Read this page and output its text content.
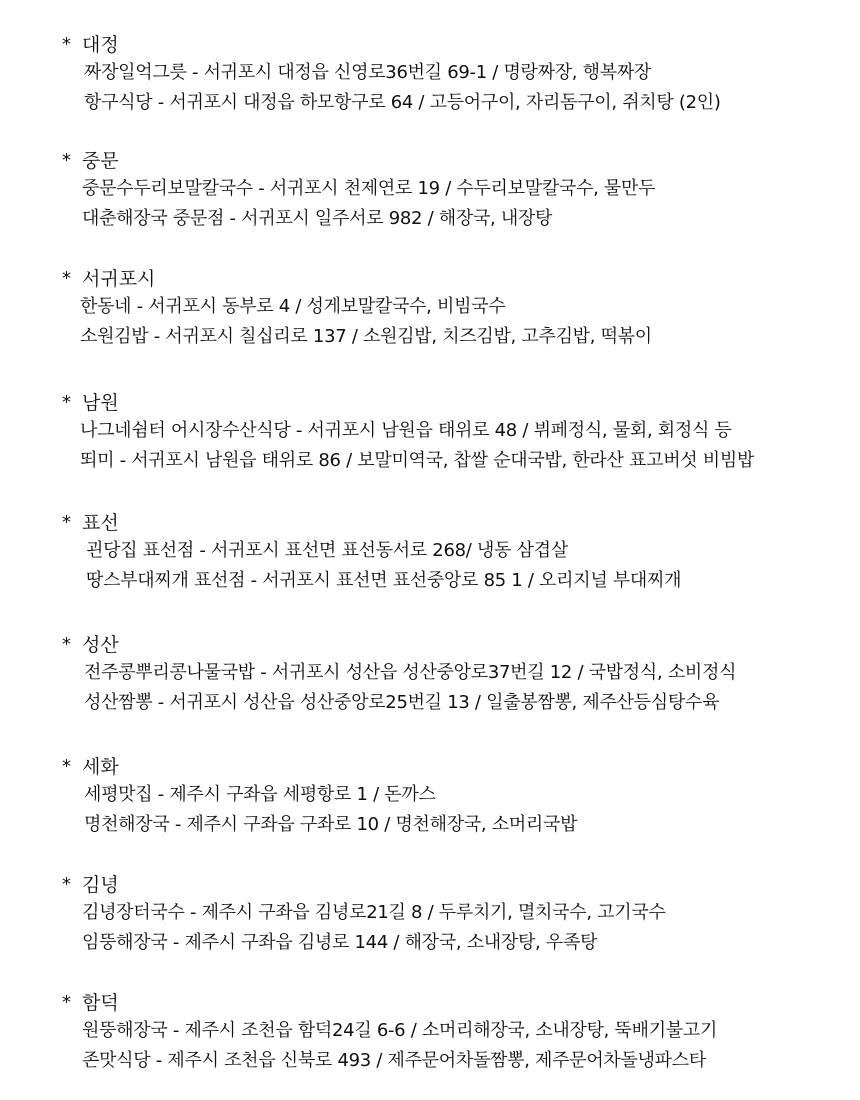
* 대정
짜장일억그릇 - 서귀포시 대정읍 신영로36번길 69-1 / 명랑짜장, 행복짜장
항구식당 - 서귀포시 대정읍 하모항구로 64 / 고등어구이, 자리돔구이, 쥐치탕 (2인)
* 중문
중문수두리보말칼국수 - 서귀포시 천제연로 19 / 수두리보말칼국수, 물만두
대춘해장국 중문점 - 서귀포시 일주서로 982 / 해장국, 내장탕
* 서귀포시
한동네 - 서귀포시 동부로 4 / 성게보말칼국수, 비빔국수
소원김밥 - 서귀포시 칠십리로 137 / 소원김밥, 치즈김밥, 고추김밥, 떡볶이
* 남원
나그네쉼터 어시장수산식당 - 서귀포시 남원읍 태위로 48 / 뷔페정식, 물회, 회정식 등
뙤미 - 서귀포시 남원읍 태위로 86 / 보말미역국, 찹쌀 순대국밥, 한라산 표고버섯 비빔밥
* 표선
괸당집 표선점 - 서귀포시 표선면 표선동서로 268/ 냉동 삼겹살
땅스부대찌개 표선점 - 서귀포시 표선면 표선중앙로 85 1 / 오리지널 부대찌개
* 성산
전주콩뿌리콩나물국밥 - 서귀포시 성산읍 성산중앙로37번길 12 / 국밥정식, 소비정식
성산짬뽕 - 서귀포시 성산읍 성산중앙로25번길 13 / 일출봉짬뽕, 제주산등심탕수육
* 세화
세평맛집 - 제주시 구좌읍 세평항로 1 / 돈까스
명천해장국 - 제주시 구좌읍 구좌로 10 / 명천해장국, 소머리국밥
* 김녕
김녕장터국수 - 제주시 구좌읍 김녕로21길 8 / 두루치기, 멸치국수, 고기국수
임뚱해장국 - 제주시 구좌읍 김녕로 144 / 해장국, 소내장탕, 우족탕
* 함덕
원뚱해장국 - 제주시 조천읍 함덕24길 6-6 / 소머리해장국, 소내장탕, 뚝배기불고기
존맛식당 - 제주시 조천읍 신북로 493 / 제주문어차돌짬뽕, 제주문어차돌냉파스타
